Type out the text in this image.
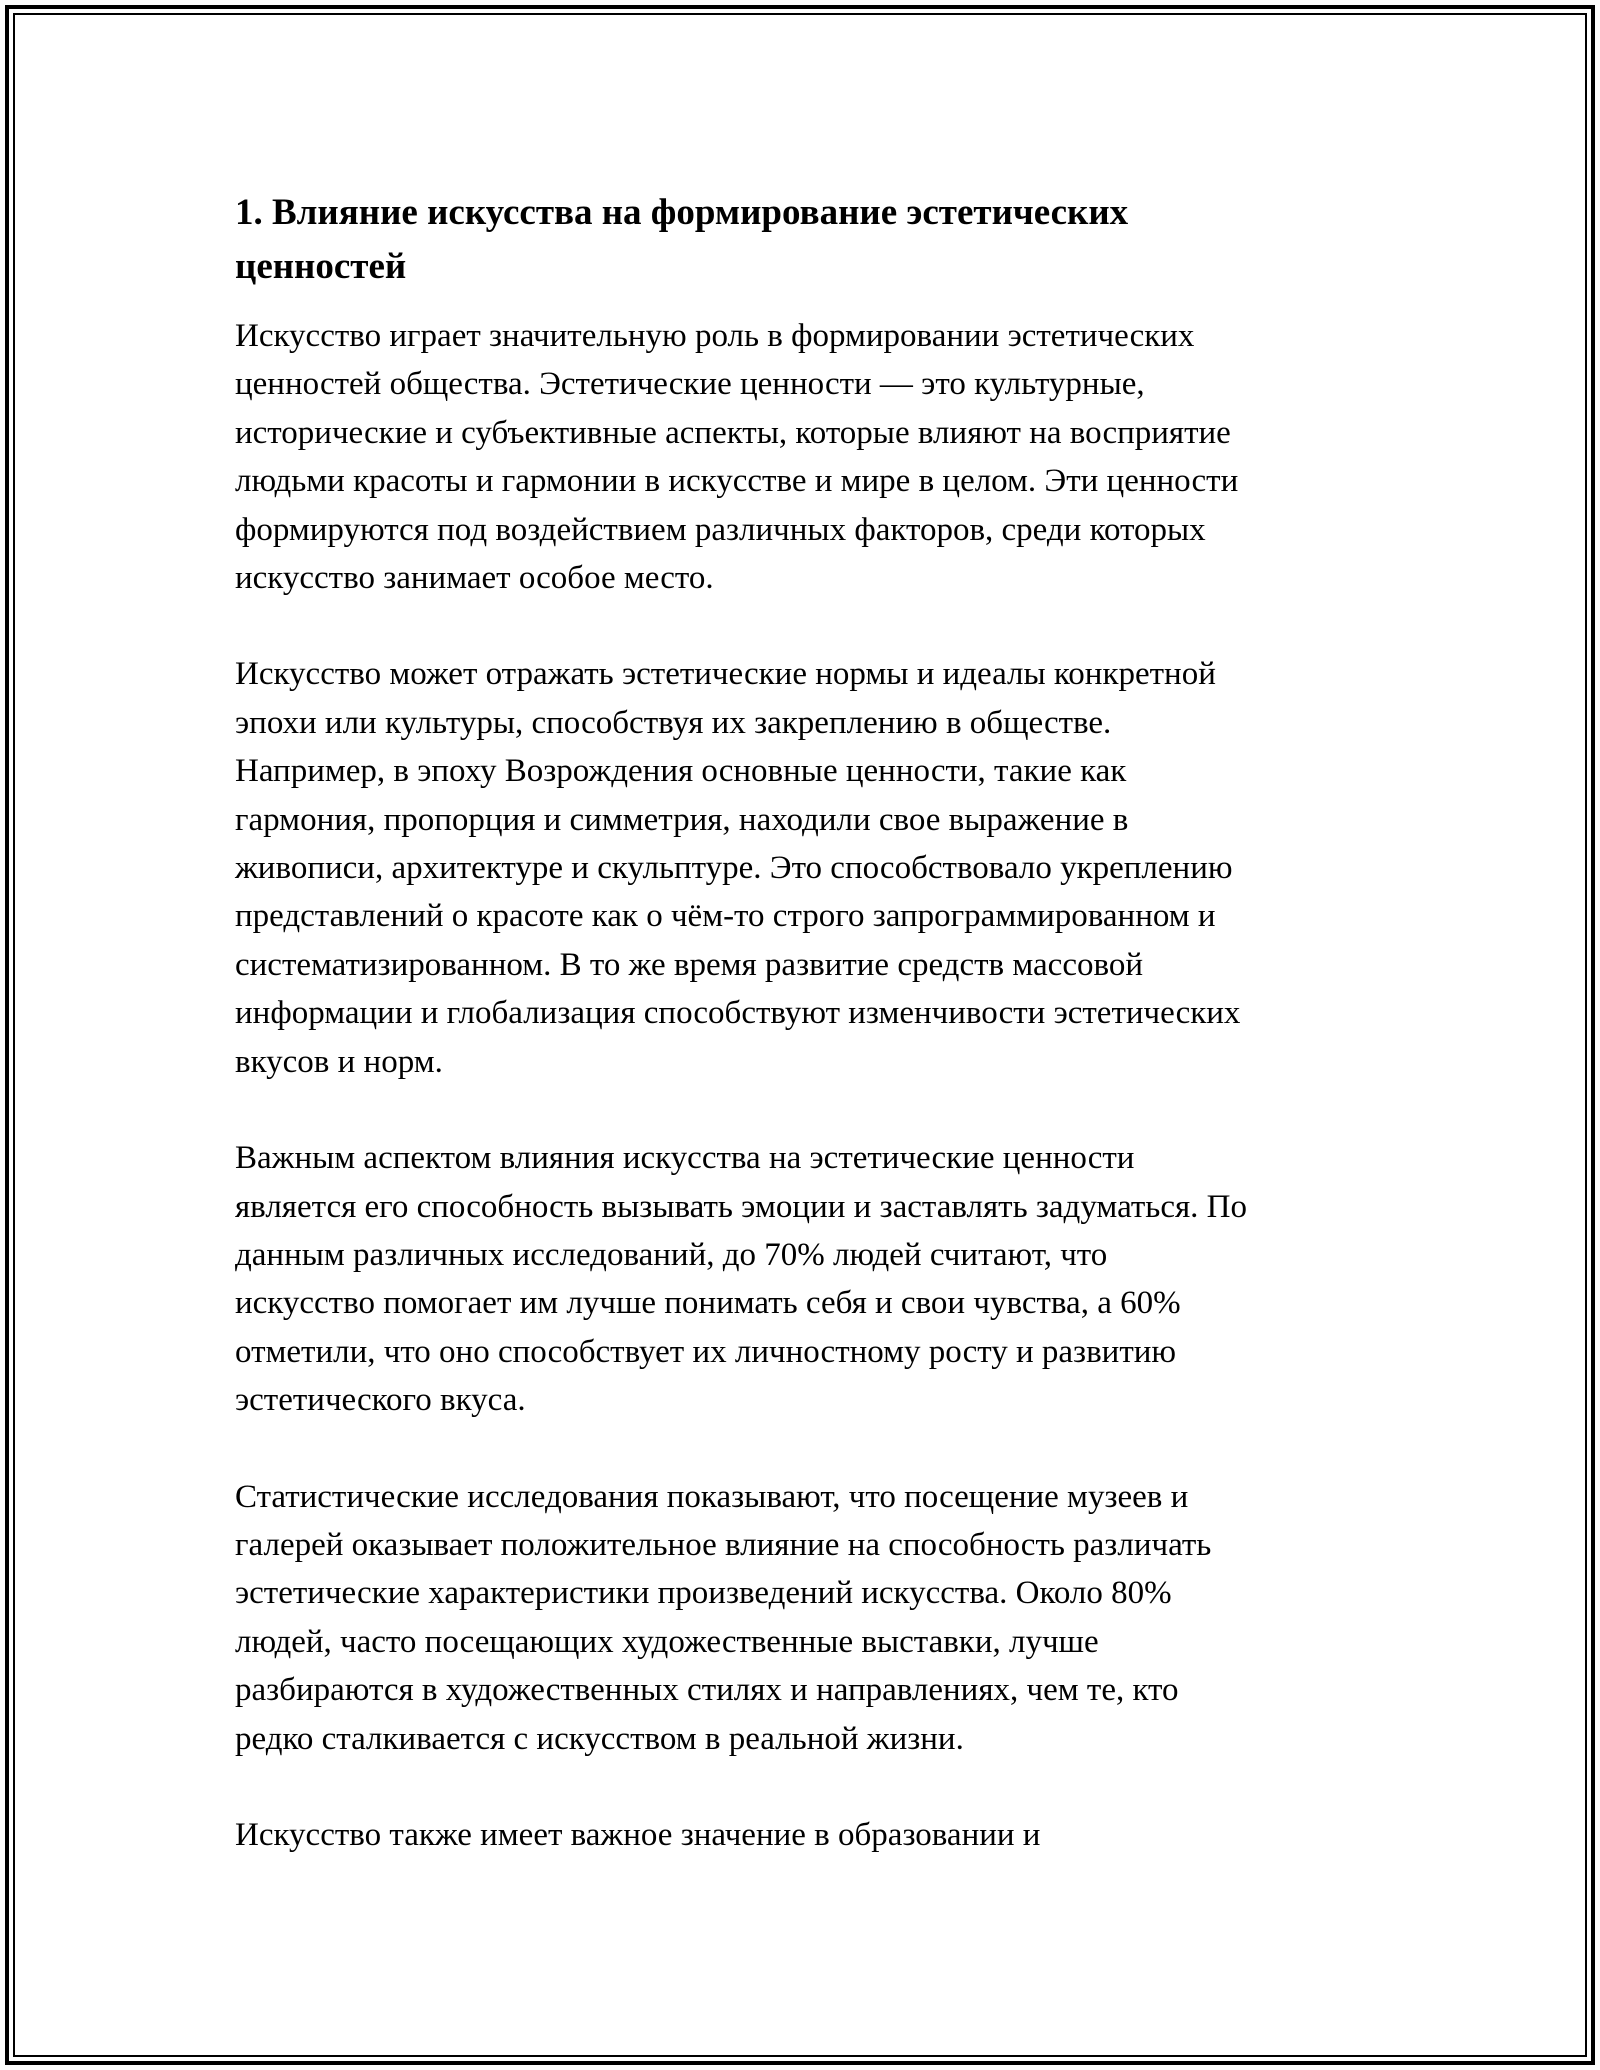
1. Влияние искусства на формирование эстетических
ценностей

Искусство играет значительную роль в формировании эстетических
ценностей общества. Эстетические ценности — это культурные,
исторические и субъективные аспекты, которые влияют на восприятие
людьми красоты и гармонии в искусстве и мире в целом. Эти ценности
формируются под воздействием различных факторов, среди которых
искусство занимает особое место.

Искусство может отражать эстетические нормы и идеалы конкретной
эпохи или культуры, способствуя их закреплению в обществе.
Например, в эпоху Возрождения основные ценности, такие как
гармония, пропорция и симметрия, находили свое выражение в
живописи, архитектуре и скульптуре. Это способствовало укреплению
представлений о красоте как о чём-то строго запрограммированном и
систематизированном. В то же время развитие средств массовой
информации и глобализация способствуют изменчивости эстетических
вкусов и норм.

Важным аспектом влияния искусства на эстетические ценности
является его способность вызывать эмоции и заставлять задуматься. По
данным различных исследований, до 70% людей считают, что
искусство помогает им лучше понимать себя и свои чувства, а 60%
отметили, что оно способствует их личностному росту и развитию
эстетического вкуса.

Статистические исследования показывают, что посещение музеев и
галерей оказывает положительное влияние на способность различать
эстетические характеристики произведений искусства. Около 80%
людей, часто посещающих художественные выставки, лучше
разбираются в художественных стилях и направлениях, чем те, кто
редко сталкивается с искусством в реальной жизни.

Искусство также имеет важное значение в образовании и
